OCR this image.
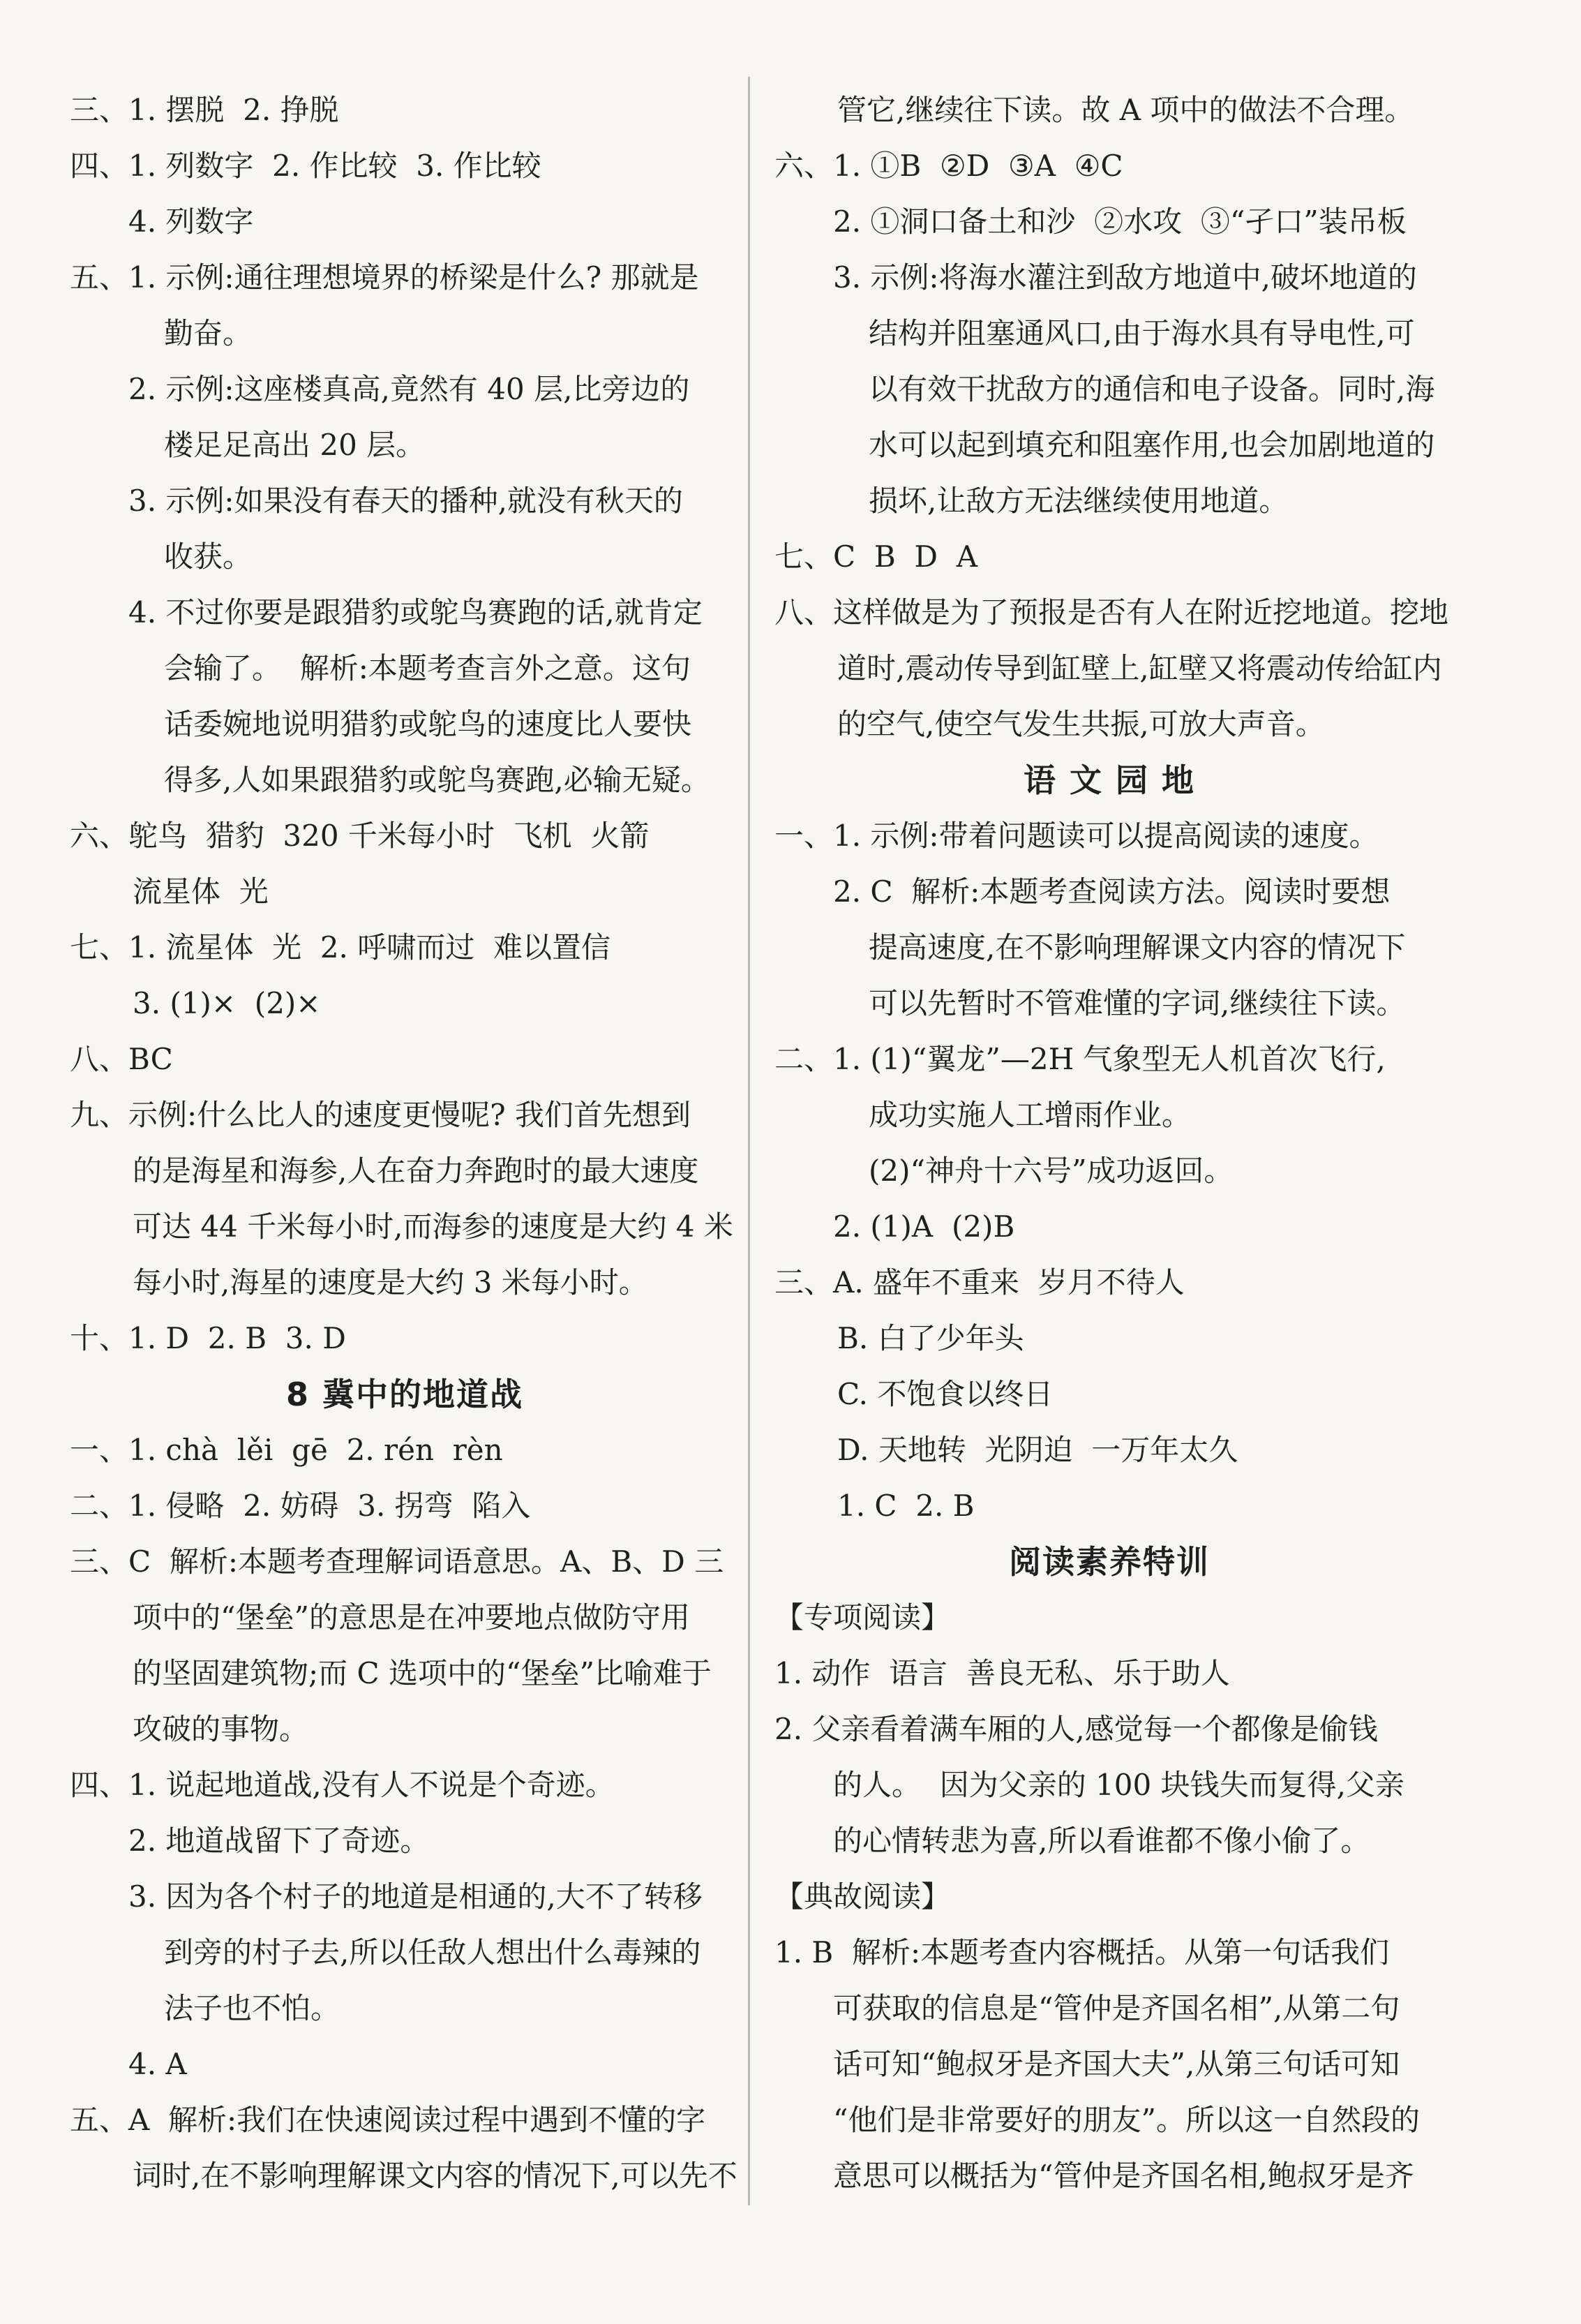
三、1. 摆脱  2. 挣脱
四、1. 列数字  2. 作比较  3. 作比较
4. 列数字
五、1. 示例:通往理想境界的桥梁是什么? 那就是
勤奋。
2. 示例:这座楼真高,竟然有 40 层,比旁边的
楼足足高出 20 层。
3. 示例:如果没有春天的播种,就没有秋天的
收获。
4. 不过你要是跟猎豹或鸵鸟赛跑的话,就肯定
会输了。  解析:本题考查言外之意。这句
话委婉地说明猎豹或鸵鸟的速度比人要快
得多,人如果跟猎豹或鸵鸟赛跑,必输无疑。
六、鸵鸟  猎豹  320 千米每小时  飞机  火箭
流星体  光
七、1. 流星体  光  2. 呼啸而过  难以置信
3. (1)×  (2)×
八、BC
九、示例:什么比人的速度更慢呢? 我们首先想到
的是海星和海参,人在奋力奔跑时的最大速度
可达 44 千米每小时,而海参的速度是大约 4 米
每小时,海星的速度是大约 3 米每小时。
十、1. D  2. B  3. D
8 冀中的地道战
一、1. chà  lěi  gē  2. rén  rèn
二、1. 侵略  2. 妨碍  3. 拐弯  陷入
三、C  解析:本题考查理解词语意思。A、B、D 三
项中的“堡垒”的意思是在冲要地点做防守用
的坚固建筑物;而 C 选项中的“堡垒”比喻难于
攻破的事物。
四、1. 说起地道战,没有人不说是个奇迹。
2. 地道战留下了奇迹。
3. 因为各个村子的地道是相通的,大不了转移
到旁的村子去,所以任敌人想出什么毒辣的
法子也不怕。
4. A
五、A  解析:我们在快速阅读过程中遇到不懂的字
词时,在不影响理解课文内容的情况下,可以先不
管它,继续往下读。故 A 项中的做法不合理。
六、1. ①B  ②D  ③A  ④C
2. ①洞口备土和沙  ②水攻  ③“孑口”装吊板
3. 示例:将海水灌注到敌方地道中,破坏地道的
结构并阻塞通风口,由于海水具有导电性,可
以有效干扰敌方的通信和电子设备。同时,海
水可以起到填充和阻塞作用,也会加剧地道的
损坏,让敌方无法继续使用地道。
七、C  B  D  A
八、这样做是为了预报是否有人在附近挖地道。挖地
道时,震动传导到缸壁上,缸壁又将震动传给缸内
的空气,使空气发生共振,可放大声音。
语 文 园 地
一、1. 示例:带着问题读可以提高阅读的速度。
2. C  解析:本题考查阅读方法。阅读时要想
提高速度,在不影响理解课文内容的情况下
可以先暂时不管难懂的字词,继续往下读。
二、1. (1)“翼龙”—2H 气象型无人机首次飞行,
成功实施人工增雨作业。
(2)“神舟十六号”成功返回。
2. (1)A  (2)B
三、A. 盛年不重来  岁月不待人
B. 白了少年头
C. 不饱食以终日
D. 天地转  光阴迫  一万年太久
1. C  2. B
阅读素养特训
【专项阅读】
1. 动作  语言  善良无私、乐于助人
2. 父亲看着满车厢的人,感觉每一个都像是偷钱
的人。  因为父亲的 100 块钱失而复得,父亲
的心情转悲为喜,所以看谁都不像小偷了。
【典故阅读】
1. B  解析:本题考查内容概括。从第一句话我们
可获取的信息是“管仲是齐国名相”,从第二句
话可知“鲍叔牙是齐国大夫”,从第三句话可知
“他们是非常要好的朋友”。所以这一自然段的
意思可以概括为“管仲是齐国名相,鲍叔牙是齐
